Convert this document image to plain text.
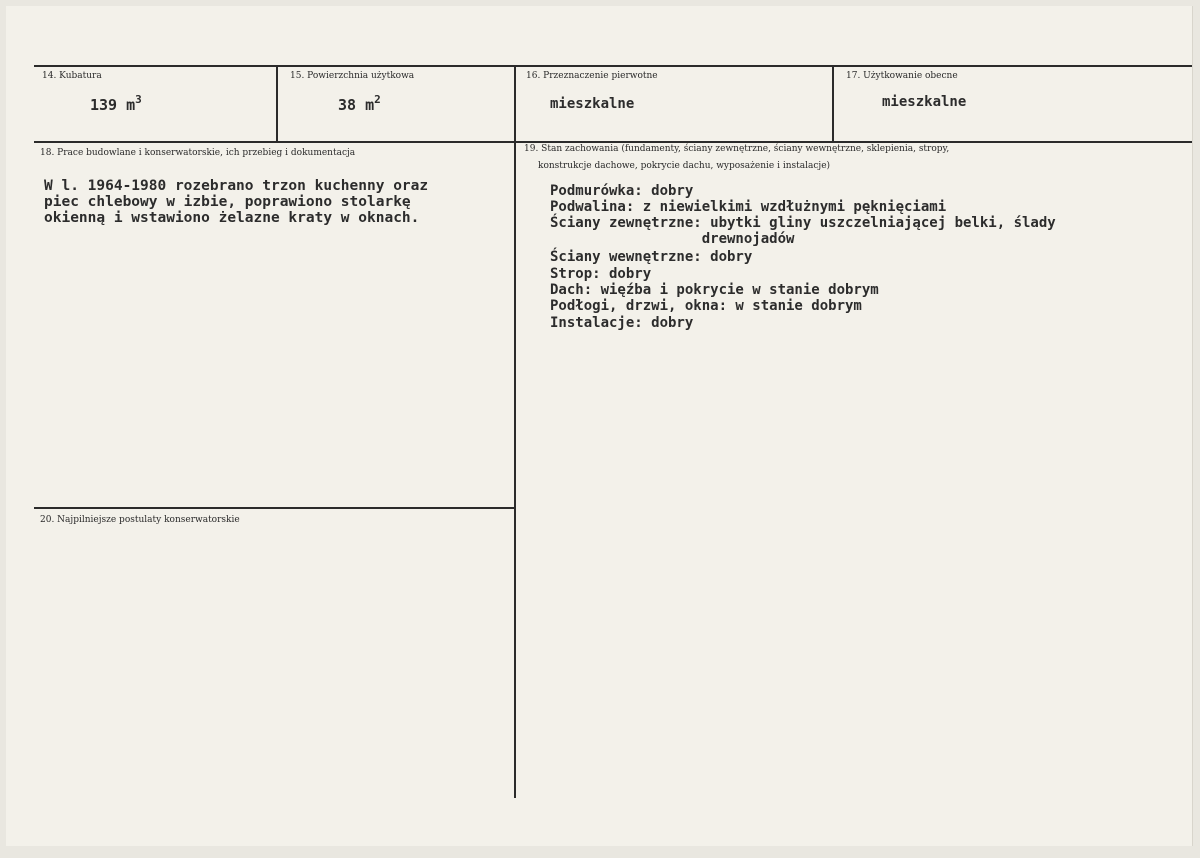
14. Kubatura
139 $m^3$
15. Powierzchnia użytkowa
38 $m^2$
16. Przeznaczenie pierwotne
mieszkalne
17. Użytkowanie obecne
mieszkalne
18. Prace budowlane i konserwatorskie, ich przebieg i dokumentacja
W l. 1964-1980 rozebrano trzon kuchenny oraz
piec chlebowy w izbie, poprawiono stolarkę
okienną i wstawiono żelazne kraty w oknach.
19. Stan zachowania (fundamenty, ściany zewnętrzne, ściany wewnętrzne, sklepienia, stropy,
konstrukcje dachowe, pokrycie dachu, wyposażenie i instalacje)
Podmurówka: dobry
Podwalina: z niewielkimi wzdłużnymi pęknięciami
Ściany zewnętrzne: ubytki gliny uszczelniającej belki, ślady
drewnojadów
Ściany wewnętrzne: dobry
Strop: dobry
Dach: więźba i pokrycie w stanie dobrym
Podłogi, drzwi, okna: w stanie dobrym
Instalacje: dobry
20. Najpilniejsze postulaty konserwatorskie
